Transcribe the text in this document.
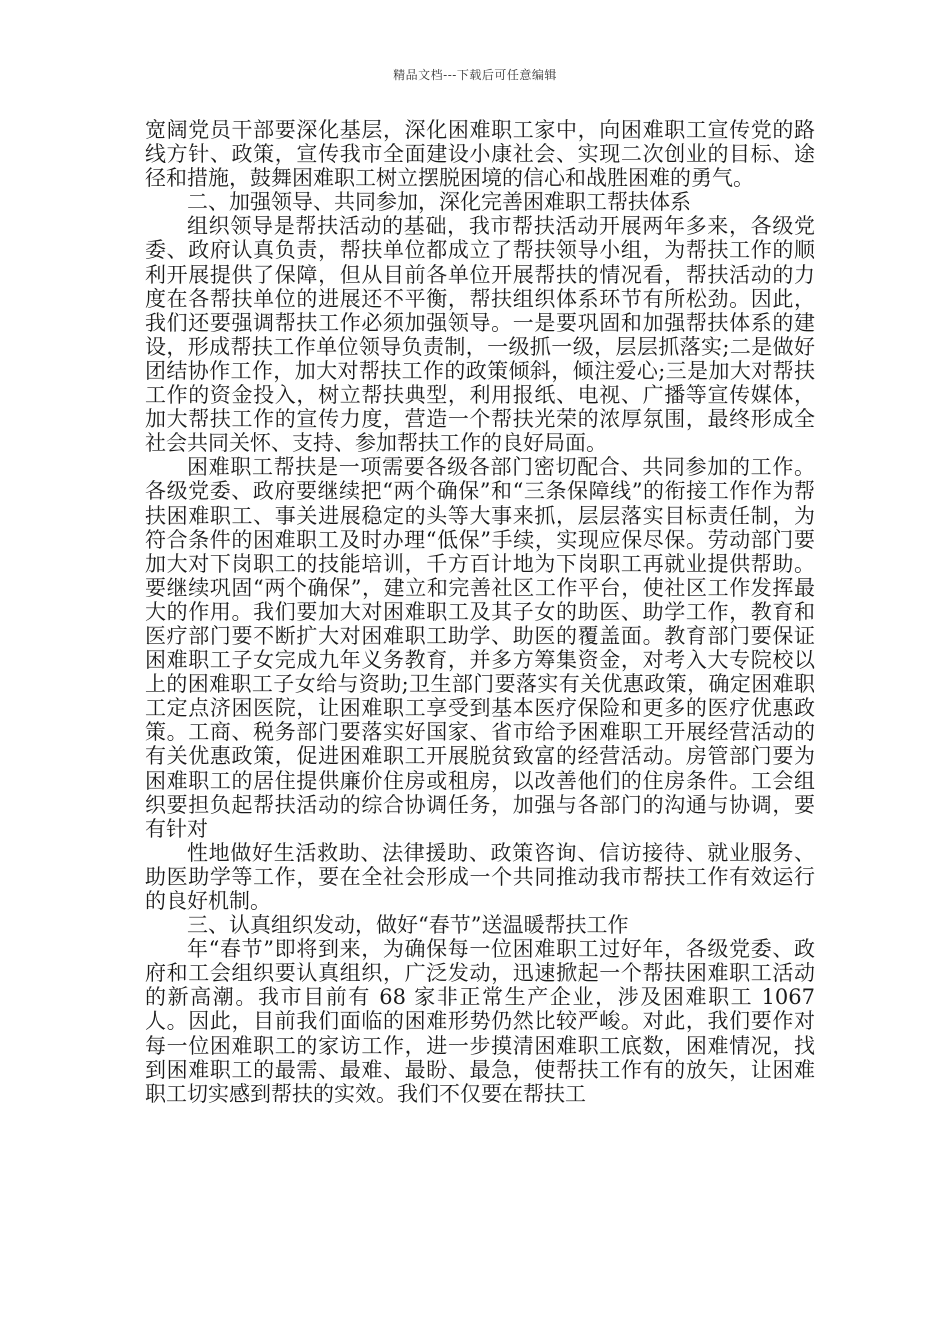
精品文档---下载后可任意编辑

宽阔党员干部要深化基层，深化困难职工家中，向困难职工宣传党的路线方针、政策，宣传我市全面建设小康社会、实现二次创业的目标、途径和措施，鼓舞困难职工树立摆脱困境的信心和战胜困难的勇气。

二、加强领导、共同参加，深化完善困难职工帮扶体系

组织领导是帮扶活动的基础，我市帮扶活动开展两年多来，各级党委、政府认真负责，帮扶单位都成立了帮扶领导小组，为帮扶工作的顺利开展提供了保障，但从目前各单位开展帮扶的情况看，帮扶活动的力度在各帮扶单位的进展还不平衡，帮扶组织体系环节有所松劲。因此，我们还要强调帮扶工作必须加强领导。一是要巩固和加强帮扶体系的建设，形成帮扶工作单位领导负责制，一级抓一级，层层抓落实;二是做好团结协作工作，加大对帮扶工作的政策倾斜，倾注爱心;三是加大对帮扶工作的资金投入，树立帮扶典型，利用报纸、电视、广播等宣传媒体，加大帮扶工作的宣传力度，营造一个帮扶光荣的浓厚氛围，最终形成全社会共同关怀、支持、参加帮扶工作的良好局面。

困难职工帮扶是一项需要各级各部门密切配合、共同参加的工作。各级党委、政府要继续把“两个确保”和“三条保障线”的衔接工作作为帮扶困难职工、事关进展稳定的头等大事来抓，层层落实目标责任制，为符合条件的困难职工及时办理“低保”手续，实现应保尽保。劳动部门要加大对下岗职工的技能培训，千方百计地为下岗职工再就业提供帮助。要继续巩固“两个确保”，建立和完善社区工作平台，使社区工作发挥最大的作用。我们要加大对困难职工及其子女的助医、助学工作，教育和医疗部门要不断扩大对困难职工助学、助医的覆盖面。教育部门要保证困难职工子女完成九年义务教育，并多方筹集资金，对考入大专院校以上的困难职工子女给与资助;卫生部门要落实有关优惠政策，确定困难职工定点济困医院，让困难职工享受到基本医疗保险和更多的医疗优惠政策。工商、税务部门要落实好国家、省市给予困难职工开展经营活动的有关优惠政策，促进困难职工开展脱贫致富的经营活动。房管部门要为困难职工的居住提供廉价住房或租房，以改善他们的住房条件。工会组织要担负起帮扶活动的综合协调任务，加强与各部门的沟通与协调，要有针对

性地做好生活救助、法律援助、政策咨询、信访接待、就业服务、助医助学等工作，要在全社会形成一个共同推动我市帮扶工作有效运行的良好机制。

三、认真组织发动，做好“春节”送温暖帮扶工作

年“春节”即将到来，为确保每一位困难职工过好年，各级党委、政府和工会组织要认真组织，广泛发动，迅速掀起一个帮扶困难职工活动的新高潮。我市目前有 68 家非正常生产企业，涉及困难职工 1067 人。因此，目前我们面临的困难形势仍然比较严峻。对此，我们要作对每一位困难职工的家访工作，进一步摸清困难职工底数，困难情况，找到困难职工的最需、最难、最盼、最急，使帮扶工作有的放矢，让困难职工切实感到帮扶的实效。我们不仅要在帮扶工
